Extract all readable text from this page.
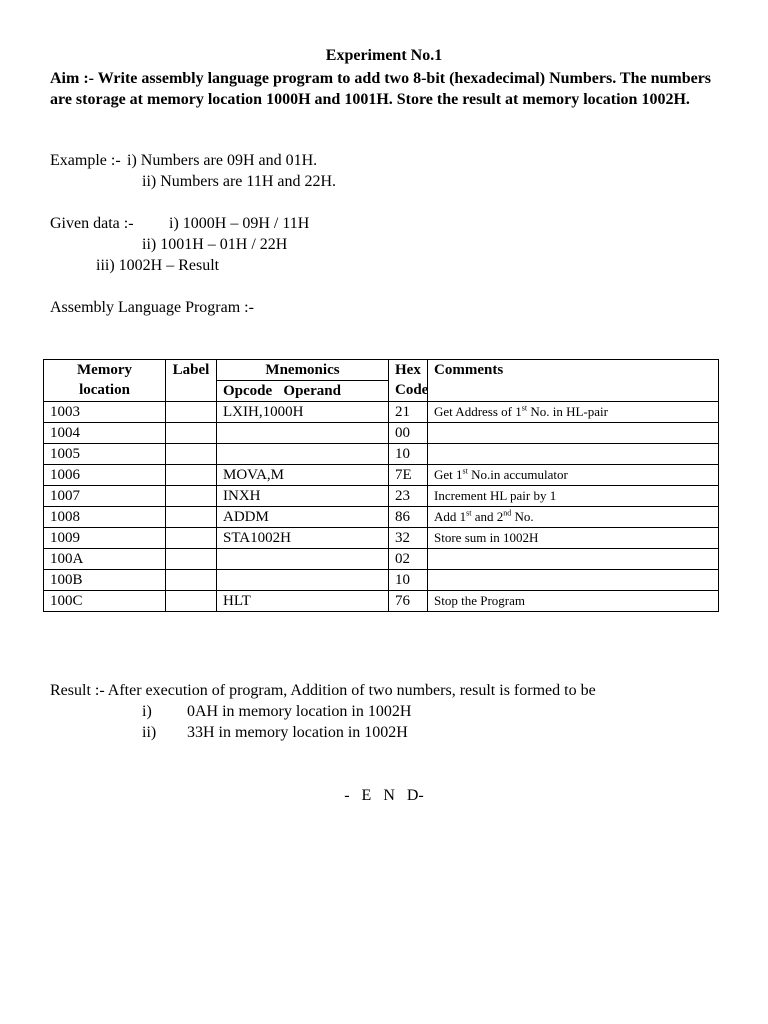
Experiment No.1
Aim :- Write assembly language program to add two 8-bit (hexadecimal) Numbers. The numbers are storage at memory location 1000H and 1001H. Store the result at memory location 1002H.
Example :- i) Numbers are 09H and 01H.
ii) Numbers are 11H and 22H.
Given data :- i) 1000H – 09H / 11H
ii) 1001H – 01H / 22H
iii) 1002H – Result
Assembly Language Program :-
Memory location	Label	Mnemonics	Hex Code	Comments
		Opcode   Operand		
1003		LXIH,1000H	21	Get Address of 1st No. in HL-pair
1004			00	
1005			10	
1006		MOVA,M	7E	Get 1st No.in accumulator
1007		INXH	23	Increment HL pair by 1
1008		ADDM	86	Add 1st and 2nd No.
1009		STA1002H	32	Store sum in 1002H
100A			02	
100B			10	
100C		HLT	76	Stop the Program
Result :- After execution of program, Addition of two numbers, result is formed to be
i) 0AH in memory location in 1002H
ii) 33H in memory location in 1002H
-   E   N   D-
